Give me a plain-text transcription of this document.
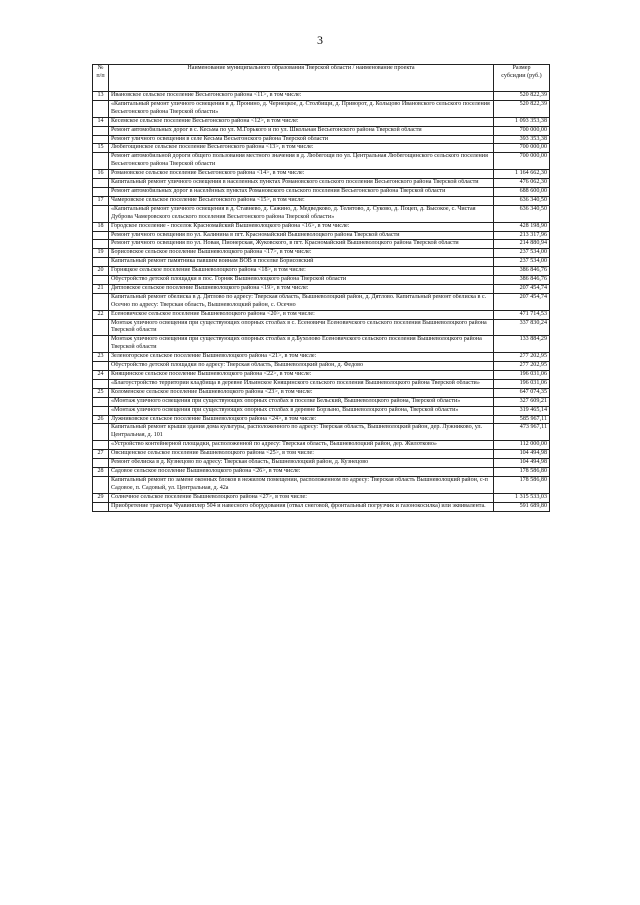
3
№
п/п	Наименование муниципального образования Тверской области / наименование проекта	Размер
субсидии (руб.)
13	Ивановское сельское поселение Весьегонского района <11>, в том числе:	520 822,39
	«Капитальный ремонт уличного освещения в д. Пронино, д. Чернецкое, д. Столбищи, д. Приворот, д. Кольцово Ивановского сельского поселения Весьегонского района Тверской области»	520 822,39
14	Кесемское сельское поселение Весьегонского района <12>, в том числе:	1 093 353,38
	Ремонт автомобильных дорог в с. Кесьма по ул. М.Горького и по ул. Школьная Весьегонского района Тверской области	700 000,00
	Ремонт уличного освещения в селе Кесьма Весьегонского района Тверской области	393 353,38
15	Любегощинское сельское поселение Весьегонского района <13>, в том числе:	700 000,00
	Ремонт автомобильной дороги общего пользования местного значения в д. Любегощи по ул. Центральная Любегощинского сельского поселения Весьегонского района Тверской области	700 000,00
16	Романовское сельское поселение Весьегонского района <14>, в том числе:	1 164 662,30
	Капитальный ремонт уличного освещения в населенных пунктах Романовского сельского поселения Весьегонского района Тверской области	476 062,30
	Ремонт автомобильных дорог в населённых пунктах Романовского сельского поселения Весьегонского района Тверской области	688 600,00
17	Чамеровское сельское поселение Весьегонского района <15>, в том числе:	636 340,50
	«Капитальный ремонт уличного освещения в д. Ставнево, д. Сажино, д. Медведково, д. Телятово, д. Суково, д. Поцеп, д. Высокое, с. Чистая Дуброва Чамеровского сельского поселения Весьегонского района Тверской области»	636 340,50
18	Городское поселение - поселок Красномайский Вышневолоцкого района <16>, в том числе:	428 198,90
	Ремонт уличного освещения по ул. Калинина в пгт. Красномайский Вышневолоцкого района Тверской области	213 317,96
	Ремонт уличного освещения по ул. Новая, Пионерская, Жуковского, в пгт. Красномайский Вышневолоцкого района Тверской области	214 880,94
19	Борисовское сельское поселение Вышневолоцкого района <17>, в том числе:	237 534,00
	Капитальный ремонт памятника павшим воинам ВОВ в поселке Борисовский	237 534,00
20	Горняцкое сельское поселение Вышневолоцкого района <18>, в том числе:	386 846,76
	Обустройство детской площадки в пос. Горняк Вышневолоцкого района Тверской области	386 846,76
21	Дятловское сельское поселение Вышневолоцкого района <19>, в том числе:	207 454,74
	Капитальный ремонт обелиска в д. Дятлово по адресу: Тверская область, Вышневолоцкий район, д. Дятлово. Капитальный ремонт обелиска в с. Осечно по адресу: Тверская область, Вышневолоцкий район, с. Осечно	207 454,74
22	Есеновичское сельское поселение Вышневолоцкого района <20>, в том числе:	471 714,53
	Монтаж уличного освещения при существующих опорных столбах в с. Есеновичи Есеновичского сельского поселения Вышневолоцкого района Тверской области	337 830,24
	Монтаж уличного освещения при существующих опорных столбах в д.Бухолово Есеновичского сельского поселения Вышневолоцкого района Тверской области	133 884,29
23	Зеленогорское сельское поселение Вышневолоцкого района <21>, в том числе:	277 202,95
	Обустройство детской площадки по адресу: Тверская область, Вышневолоцкий район, д. Федово	277 202,95
24	Княщинское сельское поселение Вышневолоцкого района <22>, в том числе:	196 031,06
	«Благоустройство территории кладбища в деревне Ильинское Княщинского сельского поселения Вышневолоцкого района Тверской области»	196 031,06
25	Коломенское сельское поселение Вышневолоцкого района <23>, в том числе:	647 074,35
	«Монтаж уличного освещения при существующих опорных столбах в поселке Бельский, Вышневолоцкого района, Тверской области»	327 609,21
	«Монтаж уличного освещения при существующих опорных столбах в деревне Борзыно, Вышневолоцкого района, Тверской области»	319 465,14
26	Лужниковское сельское поселение Вышневолоцкого района <24>, в том числе:	585 967,11
	Капитальный ремонт крыши здания дома культуры, расположенного по адресу: Тверская область, Вышневолоцкий район, дер. Лужниково, ул. Центральная, д. 101	473 967,11
	«Устройство контейнерной площадки, расположенной по адресу: Тверская область, Вышневолоцкий район, дер. Жилотково»	112 000,00
27	Овсищенское сельское поселение Вышневолоцкого района <25>, в том числе:	104 494,98
	Ремонт обелиска в д. Кузнецово по адресу: Тверская область, Вышневолоцкий район, д. Кузнецово	104 494,98
28	Садовое сельское поселение Вышневолоцкого района <26>, в том числе:	178 586,80
	Капитальный ремонт по замене оконных блоков в нежилом помещении, расположенном по адресу: Тверская область Вышневолоцкий район, с-п Садовое, п. Садовый, ул. Центральная, д. 42а	178 586,80
29	Солнечное сельское поселение Вышневолоцкого района <27>, в том числе:	1 315 533,03
	Приобретение трактора Чуавинплер 504 и навесного оборудования (отвал снеговой, фронтальный погрузчик и газонокосилка) или эквивалента.	591 689,80
